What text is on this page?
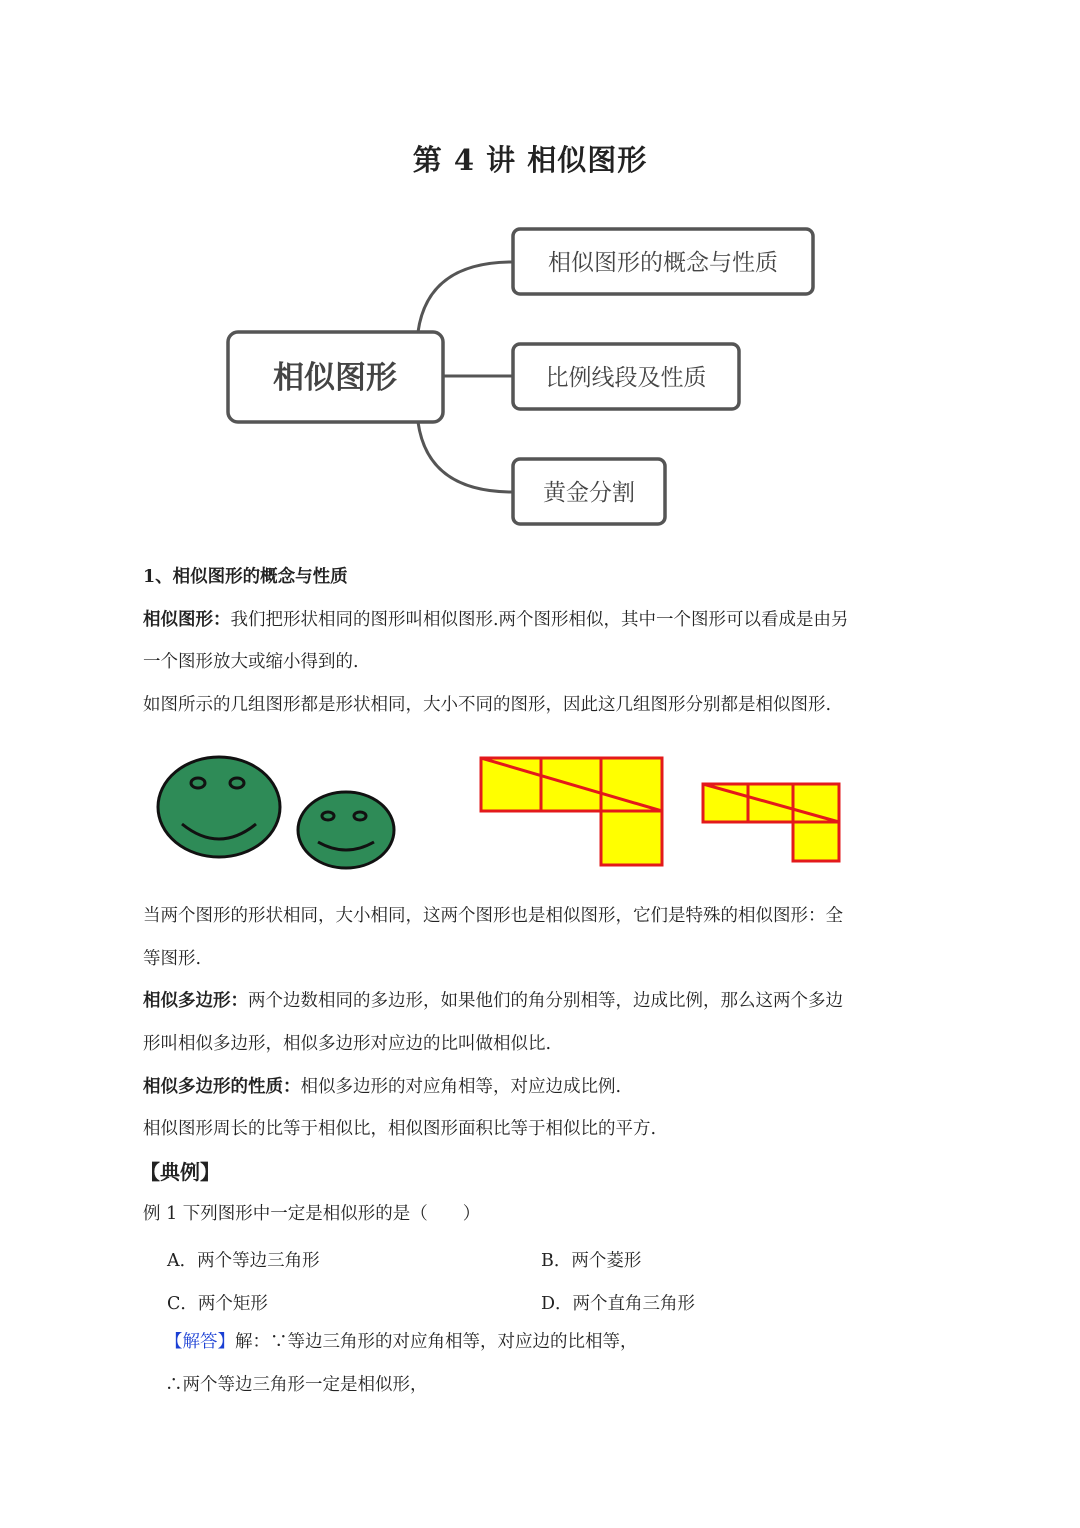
第 4 讲 相似图形
相似图形
相似图形的概念与性质
比例线段及性质
黄金分割
1、相似图形的概念与性质
相似图形：我们把形状相同的图形叫相似图形.两个图形相似，其中一个图形可以看成是由另
一个图形放大或缩小得到的.
如图所示的几组图形都是形状相同，大小不同的图形，因此这几组图形分别都是相似图形.
当两个图形的形状相同，大小相同，这两个图形也是相似图形，它们是特殊的相似图形：全
等图形.
相似多边形：两个边数相同的多边形，如果他们的角分别相等，边成比例，那么这两个多边
形叫相似多边形，相似多边形对应边的比叫做相似比.
相似多边形的性质：相似多边形的对应角相等，对应边成比例.
相似图形周长的比等于相似比，相似图形面积比等于相似比的平方.
【典例】
例 1 下列图形中一定是相似形的是（　　）
A．两个等边三角形	B．两个菱形
C．两个矩形	D．两个直角三角形
【解答】解：∵等边三角形的对应角相等，对应边的比相等，
∴两个等边三角形一定是相似形，
